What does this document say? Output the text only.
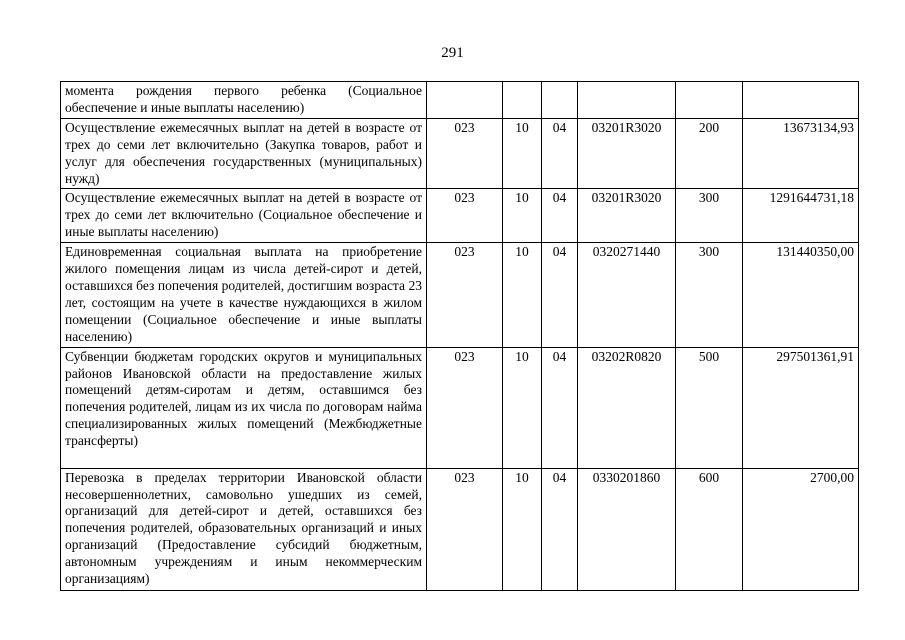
291
момента рождения первого ребенка (Социальное обеспечение и иные выплаты населению)						
Осуществление ежемесячных выплат на детей в возрасте от трех до семи лет включительно (Закупка товаров, работ и услуг для обеспечения государственных (муниципальных) нужд)	023	10	04	03201R3020	200	13673134,93
Осуществление ежемесячных выплат на детей в возрасте от трех до семи лет включительно (Социальное обеспечение и иные выплаты населению)	023	10	04	03201R3020	300	1291644731,18
Единовременная социальная выплата на приобретение жилого помещения лицам из числа детей-сирот и детей, оставшихся без попечения родителей, достигшим возраста 23 лет, состоящим на учете в качестве нуждающихся в жилом помещении (Социальное обеспечение и иные выплаты населению)	023	10	04	0320271440	300	131440350,00
Субвенции бюджетам городских округов и муниципальных районов Ивановской области на предоставление жилых помещений детям-сиротам и детям, оставшимся без попечения родителей, лицам из их числа по договорам найма специализированных жилых помещений (Межбюджетные трансферты)	023	10	04	03202R0820	500	297501361,91
Перевозка в пределах территории Ивановской области несовершеннолетних, самовольно ушедших из семей, организаций для детей-сирот и детей, оставшихся без попечения родителей, образовательных организаций и иных организаций (Предоставление субсидий бюджетным, автономным учреждениям и иным некоммерческим организациям)	023	10	04	0330201860	600	2700,00
